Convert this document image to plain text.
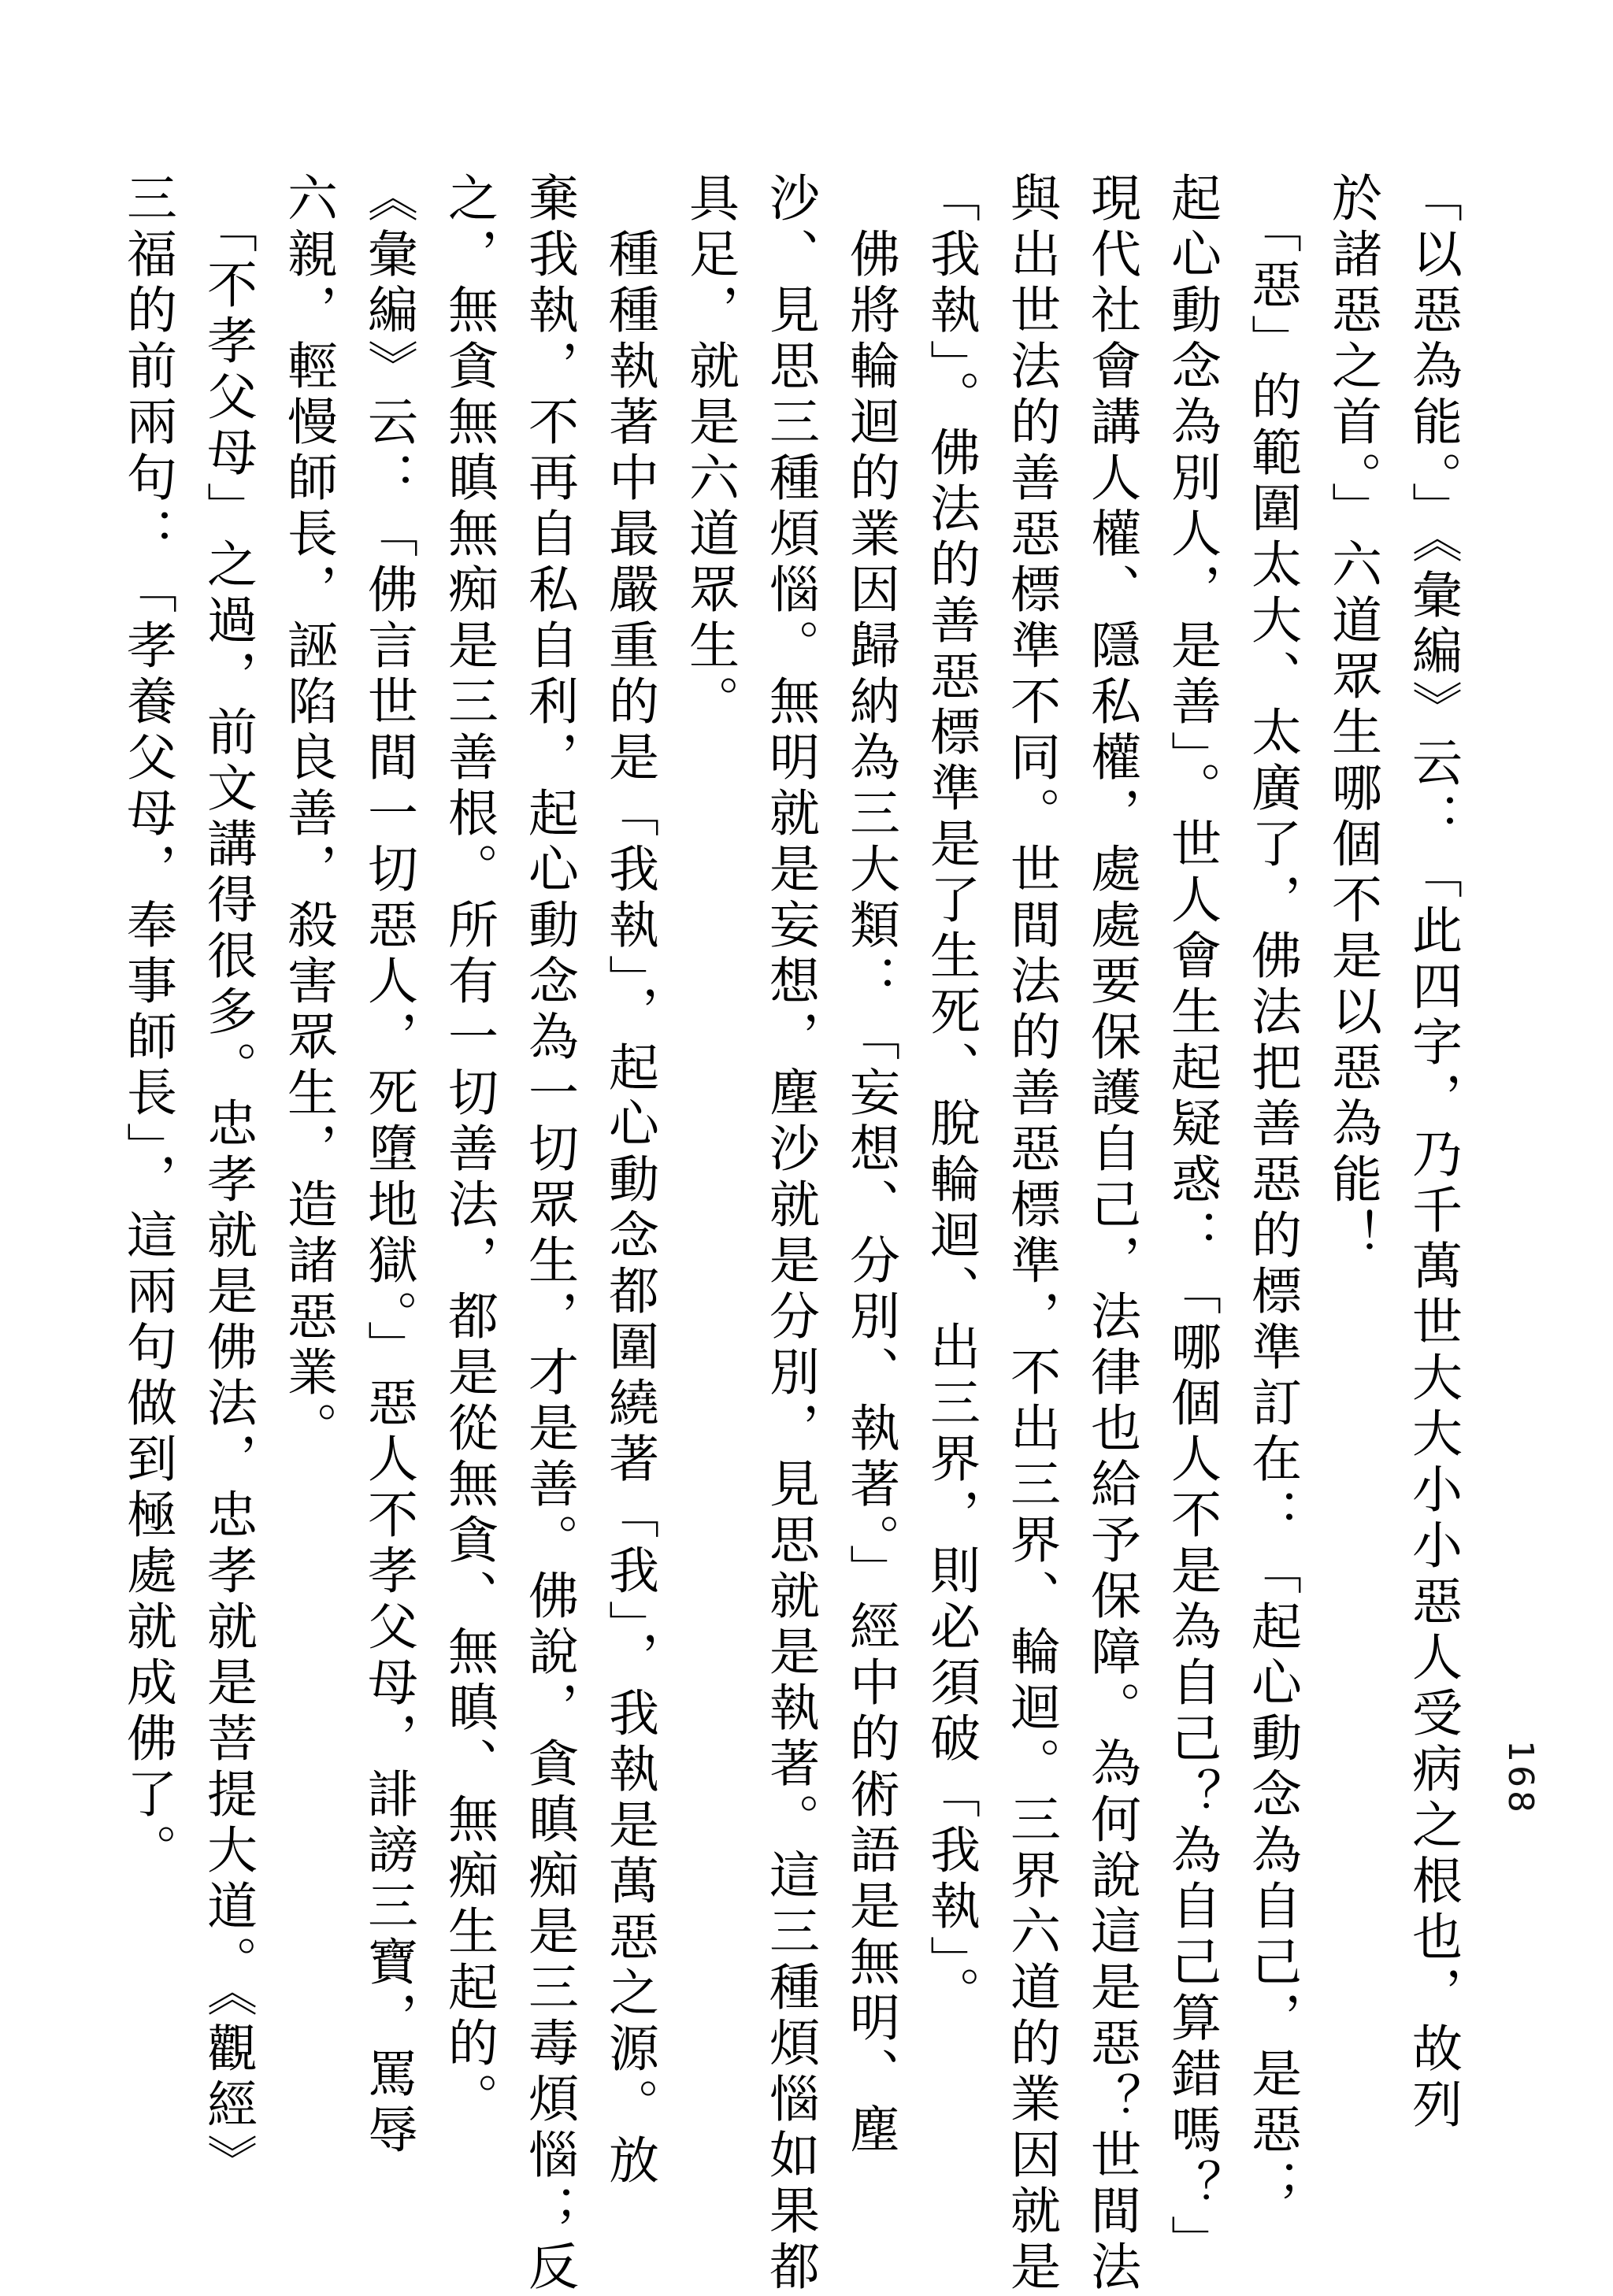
168
「以惡為能。」《彙編》云：「此四字，乃千萬世大大小小惡人受病之根也，故列
於諸惡之首。」六道眾生哪個不是以惡為能！
　「惡」的範圍太大、太廣了，佛法把善惡的標準訂在：「起心動念為自己，是惡；
起心動念為別人，是善」。世人會生起疑惑：「哪個人不是為自己？為自己算錯嗎？」
現代社會講人權、隱私權，處處要保護自己，法律也給予保障。為何說這是惡？世間法
與出世法的善惡標準不同。世間法的善惡標準，不出三界、輪迴。三界六道的業因就是
「我執」。佛法的善惡標準是了生死、脫輪迴、出三界，則必須破「我執」。
　佛將輪迴的業因歸納為三大類：「妄想、分別、執著。」經中的術語是無明、塵
沙、見思三種煩惱。無明就是妄想，塵沙就是分別，見思就是執著。這三種煩惱如果都
具足，就是六道眾生。
　種種執著中最嚴重的是「我執」，起心動念都圍繞著「我」，我執是萬惡之源。放
棄我執，不再自私自利，起心動念為一切眾生，才是善。佛說，貪瞋痴是三毒煩惱；反
之，無貪無瞋無痴是三善根。所有一切善法，都是從無貪、無瞋、無痴生起的。
《彙編》云：「佛言世間一切惡人，死墮地獄。」惡人不孝父母，誹謗三寶，罵辱
六親，輕慢師長，誣陷良善，殺害眾生，造諸惡業。
　「不孝父母」之過，前文講得很多。忠孝就是佛法，忠孝就是菩提大道。《觀經》
三福的前兩句：「孝養父母，奉事師長」，這兩句做到極處就成佛了。
